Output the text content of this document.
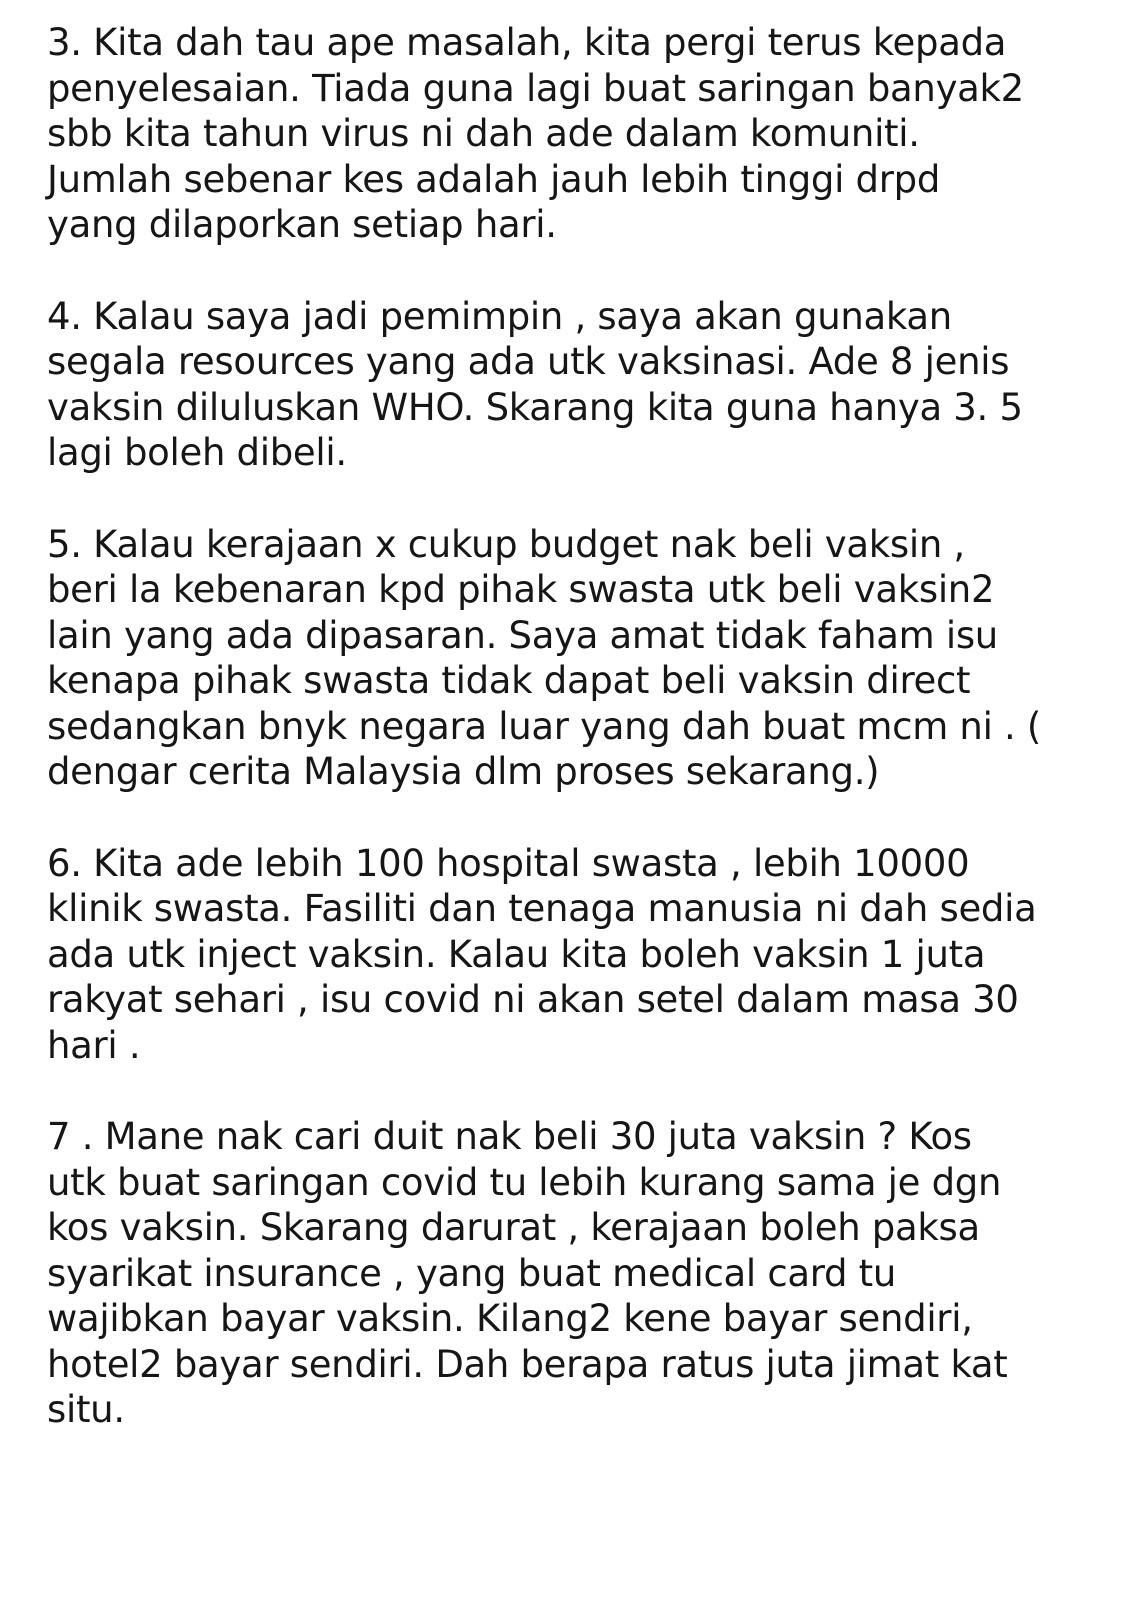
3. Kita dah tau ape masalah, kita pergi terus kepada
penyelesaian. Tiada guna lagi buat saringan banyak2
sbb kita tahun virus ni dah ade dalam komuniti.
Jumlah sebenar kes adalah jauh lebih tinggi drpd
yang dilaporkan setiap hari.
4. Kalau saya jadi pemimpin , saya akan gunakan
segala resources yang ada utk vaksinasi. Ade 8 jenis
vaksin diluluskan WHO. Skarang kita guna hanya 3. 5
lagi boleh dibeli.
5. Kalau kerajaan x cukup budget nak beli vaksin ,
beri la kebenaran kpd pihak swasta utk beli vaksin2
lain yang ada dipasaran. Saya amat tidak faham isu
kenapa pihak swasta tidak dapat beli vaksin direct
sedangkan bnyk negara luar yang dah buat mcm ni . (
dengar cerita Malaysia dlm proses sekarang.)
6. Kita ade lebih 100 hospital swasta , lebih 10000
klinik swasta. Fasiliti dan tenaga manusia ni dah sedia
ada utk inject vaksin. Kalau kita boleh vaksin 1 juta
rakyat sehari , isu covid ni akan setel dalam masa 30
hari .
7 . Mane nak cari duit nak beli 30 juta vaksin ? Kos
utk buat saringan covid tu lebih kurang sama je dgn
kos vaksin. Skarang darurat , kerajaan boleh paksa
syarikat insurance , yang buat medical card tu
wajibkan bayar vaksin. Kilang2 kene bayar sendiri,
hotel2 bayar sendiri. Dah berapa ratus juta jimat kat
situ.
